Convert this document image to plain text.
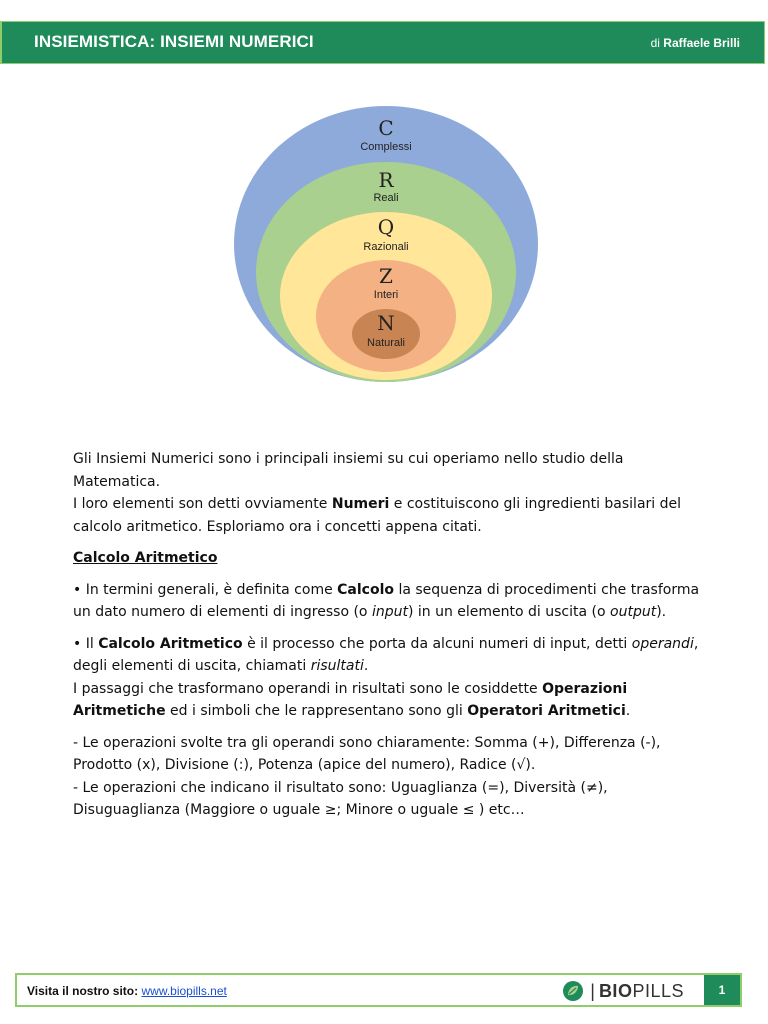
INSIEMISTICA: INSIEMI NUMERICI	di Raffaele Brilli
C
Complessi
R
Reali
Q
Razionali
Z
Interi
N
Naturali

Gli Insiemi Numerici sono i principali insiemi su cui operiamo nello studio della Matematica.
I loro elementi son detti ovviamente Numeri e costituiscono gli ingredienti basilari del calcolo aritmetico. Esploriamo ora i concetti appena citati.

Calcolo Aritmetico

• In termini generali, è definita come Calcolo la sequenza di procedimenti che trasforma un dato numero di elementi di ingresso (o input) in un elemento di uscita (o output).

• Il Calcolo Aritmetico è il processo che porta da alcuni numeri di input, detti operandi, degli elementi di uscita, chiamati risultati.
I passaggi che trasformano operandi in risultati sono le cosiddette Operazioni Aritmetiche ed i simboli che le rappresentano sono gli Operatori Aritmetici.

- Le operazioni svolte tra gli operandi sono chiaramente: Somma (+), Differenza (-), Prodotto (x), Divisione (:), Potenza (apice del numero), Radice (√).
- Le operazioni che indicano il risultato sono: Uguaglianza (=), Diversità (≠), Disuguaglianza (Maggiore o uguale ≥; Minore o uguale ≤ ) etc…

Visita il nostro sito: www.biopills.net	| BIOPILLS	1
